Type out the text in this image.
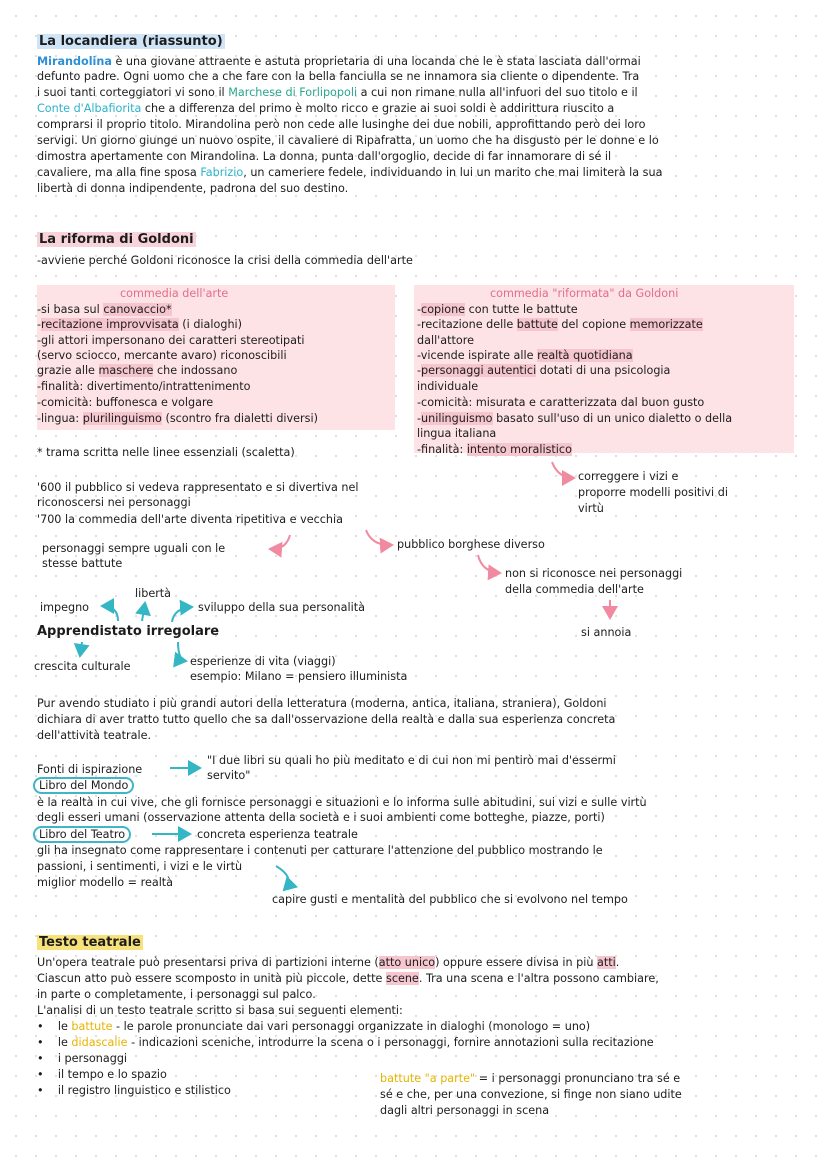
La locandiera (riassunto)
Mirandolina è una giovane attraente e astuta proprietaria di una locanda che le è stata lasciata dall'ormai
defunto padre. Ogni uomo che a che fare con la bella fanciulla se ne innamora sia cliente o dipendente. Tra
i suoi tanti corteggiatori vi sono il Marchese di Forlipopoli a cui non rimane nulla all'infuori del suo titolo e il
Conte d'Albafiorita che a differenza del primo è molto ricco e grazie ai suoi soldi è addirittura riuscito a
comprarsi il proprio titolo. Mirandolina però non cede alle lusinghe dei due nobili, approfittando però dei loro
servigi. Un giorno giunge un nuovo ospite, il cavaliere di Ripafratta, un uomo che ha disgusto per le donne e lo
dimostra apertamente con Mirandolina. La donna, punta dall'orgoglio, decide di far innamorare di sé il
cavaliere, ma alla fine sposa Fabrizio, un cameriere fedele, individuando in lui un marito che mai limiterà la sua
libertà di donna indipendente, padrona del suo destino.
La riforma di Goldoni
-avviene perché Goldoni riconosce la crisi della commedia dell'arte
commedia dell'arte
-si basa sul canovaccio*
-recitazione improvvisata (i dialoghi)
-gli attori impersonano dei caratteri stereotipati
(servo sciocco, mercante avaro) riconoscibili
grazie alle maschere che indossano
-finalità: divertimento/intrattenimento
-comicità: buffonesca e volgare
-lingua: plurilinguismo (scontro fra dialetti diversi)
* trama scritta nelle linee essenziali (scaletta)
commedia "riformata" da Goldoni
-copione con tutte le battute
-recitazione delle battute del copione memorizzate
dall'attore
-vicende ispirate alle realtà quotidiana
-personaggi autentici dotati di una psicologia
individuale
-comicità: misurata e caratterizzata dal buon gusto
-unilinguismo basato sull'uso di un unico dialetto o della
lingua italiana
-finalità: intento moralistico
correggere i vizi e
proporre modelli positivi di
virtù
'600 il pubblico si vedeva rappresentato e si divertiva nel
riconoscersi nei personaggi
'700 la commedia dell'arte diventa ripetitiva e vecchia
personaggi sempre uguali con le
stesse battute
pubblico borghese diverso
non si riconosce nei personaggi
della commedia dell'arte
si annoia
libertà
impegno	sviluppo della sua personalità
Apprendistato irregolare
crescita culturale	esperienze di vita (viaggi)
esempio: Milano = pensiero illuminista
Pur avendo studiato i più grandi autori della letteratura (moderna, antica, italiana, straniera), Goldoni
dichiara di aver tratto tutto quello che sa dall'osservazione della realtà e dalla sua esperienza concreta
dell'attività teatrale.
Fonti di ispirazione
"I due libri su quali ho più meditato e di cui non mi pentirò mai d'essermi
servito"
Libro del Mondo
è la realtà in cui vive, che gli fornisce personaggi e situazioni e lo informa sulle abitudini, sui vizi e sulle virtù
degli esseri umani (osservazione attenta della società e i suoi ambienti come botteghe, piazze, porti)
Libro del Teatro	concreta esperienza teatrale
gli ha insegnato come rappresentare i contenuti per catturare l'attenzione del pubblico mostrando le
passioni, i sentimenti, i vizi e le virtù
miglior modello = realtà
capire gusti e mentalità del pubblico che si evolvono nel tempo
Testo teatrale
Un'opera teatrale può presentarsi priva di partizioni interne (atto unico) oppure essere divisa in più atti.
Ciascun atto può essere scomposto in unità più piccole, dette scene. Tra una scena e l'altra possono cambiare,
in parte o completamente, i personaggi sul palco.
L'analisi di un testo teatrale scritto si basa sui seguenti elementi:
• le battute - le parole pronunciate dai vari personaggi organizzate in dialoghi (monologo = uno)
• le didascalie - indicazioni sceniche, introdurre la scena o i personaggi, fornire annotazioni sulla recitazione
• i personaggi
• il tempo e lo spazio
• il registro linguistico e stilistico
battute "a parte" = i personaggi pronunciano tra sé e
sé e che, per una convezione, si finge non siano udite
dagli altri personaggi in scena
